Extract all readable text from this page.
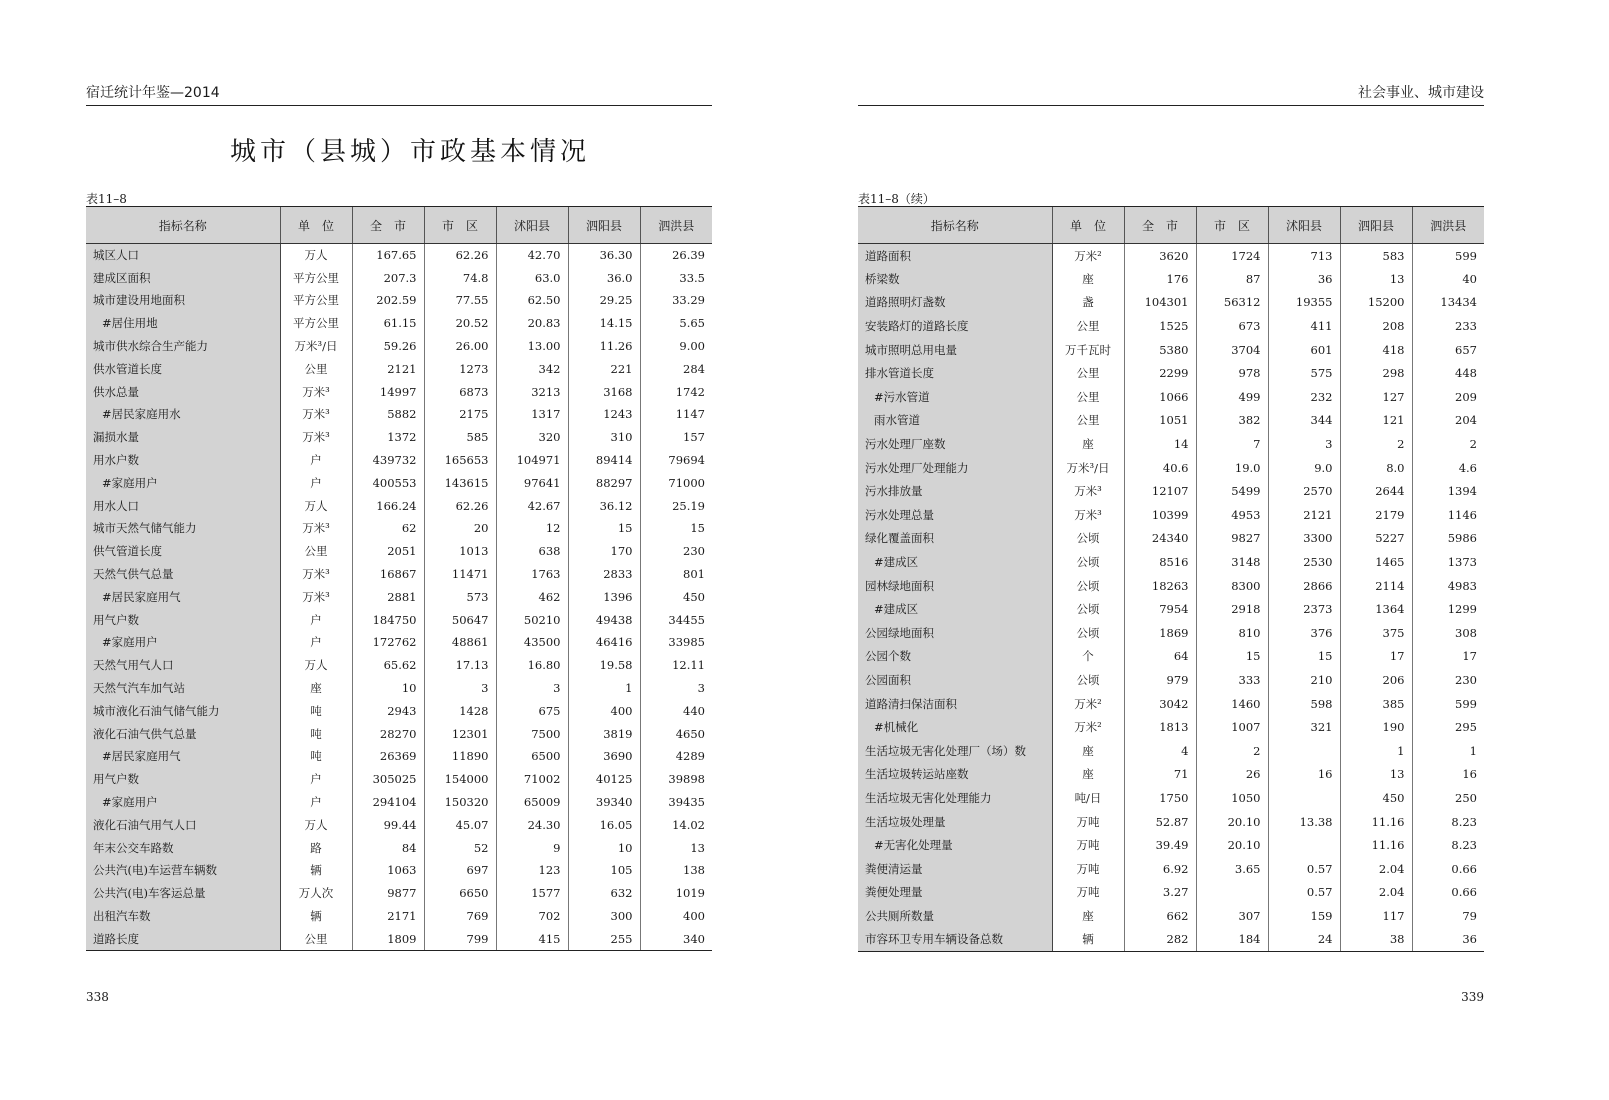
宿迁统计年鉴—2014
城市（县城）市政基本情况
表11–8
指标名称	单　位	全　市	市　区	沭阳县	泗阳县	泗洪县
城区人口	万人	167.65	62.26	42.70	36.30	26.39
建成区面积	平方公里	207.3	74.8	63.0	36.0	33.5
城市建设用地面积	平方公里	202.59	77.55	62.50	29.25	33.29
#居住用地	平方公里	61.15	20.52	20.83	14.15	5.65
城市供水综合生产能力	万米³/日	59.26	26.00	13.00	11.26	9.00
供水管道长度	公里	2121	1273	342	221	284
供水总量	万米³	14997	6873	3213	3168	1742
#居民家庭用水	万米³	5882	2175	1317	1243	1147
漏损水量	万米³	1372	585	320	310	157
用水户数	户	439732	165653	104971	89414	79694
#家庭用户	户	400553	143615	97641	88297	71000
用水人口	万人	166.24	62.26	42.67	36.12	25.19
城市天然气储气能力	万米³	62	20	12	15	15
供气管道长度	公里	2051	1013	638	170	230
天然气供气总量	万米³	16867	11471	1763	2833	801
#居民家庭用气	万米³	2881	573	462	1396	450
用气户数	户	184750	50647	50210	49438	34455
#家庭用户	户	172762	48861	43500	46416	33985
天然气用气人口	万人	65.62	17.13	16.80	19.58	12.11
天然气汽车加气站	座	10	3	3	1	3
城市液化石油气储气能力	吨	2943	1428	675	400	440
液化石油气供气总量	吨	28270	12301	7500	3819	4650
#居民家庭用气	吨	26369	11890	6500	3690	4289
用气户数	户	305025	154000	71002	40125	39898
#家庭用户	户	294104	150320	65009	39340	39435
液化石油气用气人口	万人	99.44	45.07	24.30	16.05	14.02
年末公交车路数	路	84	52	9	10	13
公共汽(电)车运营车辆数	辆	1063	697	123	105	138
公共汽(电)车客运总量	万人次	9877	6650	1577	632	1019
出租汽车数	辆	2171	769	702	300	400
道路长度	公里	1809	799	415	255	340
338
社会事业、城市建设
表11–8（续）
指标名称	单　位	全　市	市　区	沭阳县	泗阳县	泗洪县
道路面积	万米²	3620	1724	713	583	599
桥梁数	座	176	87	36	13	40
道路照明灯盏数	盏	104301	56312	19355	15200	13434
安装路灯的道路长度	公里	1525	673	411	208	233
城市照明总用电量	万千瓦时	5380	3704	601	418	657
排水管道长度	公里	2299	978	575	298	448
#污水管道	公里	1066	499	232	127	209
雨水管道	公里	1051	382	344	121	204
污水处理厂座数	座	14	7	3	2	2
污水处理厂处理能力	万米³/日	40.6	19.0	9.0	8.0	4.6
污水排放量	万米³	12107	5499	2570	2644	1394
污水处理总量	万米³	10399	4953	2121	2179	1146
绿化覆盖面积	公顷	24340	9827	3300	5227	5986
#建成区	公顷	8516	3148	2530	1465	1373
园林绿地面积	公顷	18263	8300	2866	2114	4983
#建成区	公顷	7954	2918	2373	1364	1299
公园绿地面积	公顷	1869	810	376	375	308
公园个数	个	64	15	15	17	17
公园面积	公顷	979	333	210	206	230
道路清扫保洁面积	万米²	3042	1460	598	385	599
#机械化	万米²	1813	1007	321	190	295
生活垃圾无害化处理厂（场）数	座	4	2		1	1
生活垃圾转运站座数	座	71	26	16	13	16
生活垃圾无害化处理能力	吨/日	1750	1050		450	250
生活垃圾处理量	万吨	52.87	20.10	13.38	11.16	8.23
#无害化处理量	万吨	39.49	20.10		11.16	8.23
粪便清运量	万吨	6.92	3.65	0.57	2.04	0.66
粪便处理量	万吨	3.27		0.57	2.04	0.66
公共厕所数量	座	662	307	159	117	79
市容环卫专用车辆设备总数	辆	282	184	24	38	36
339
